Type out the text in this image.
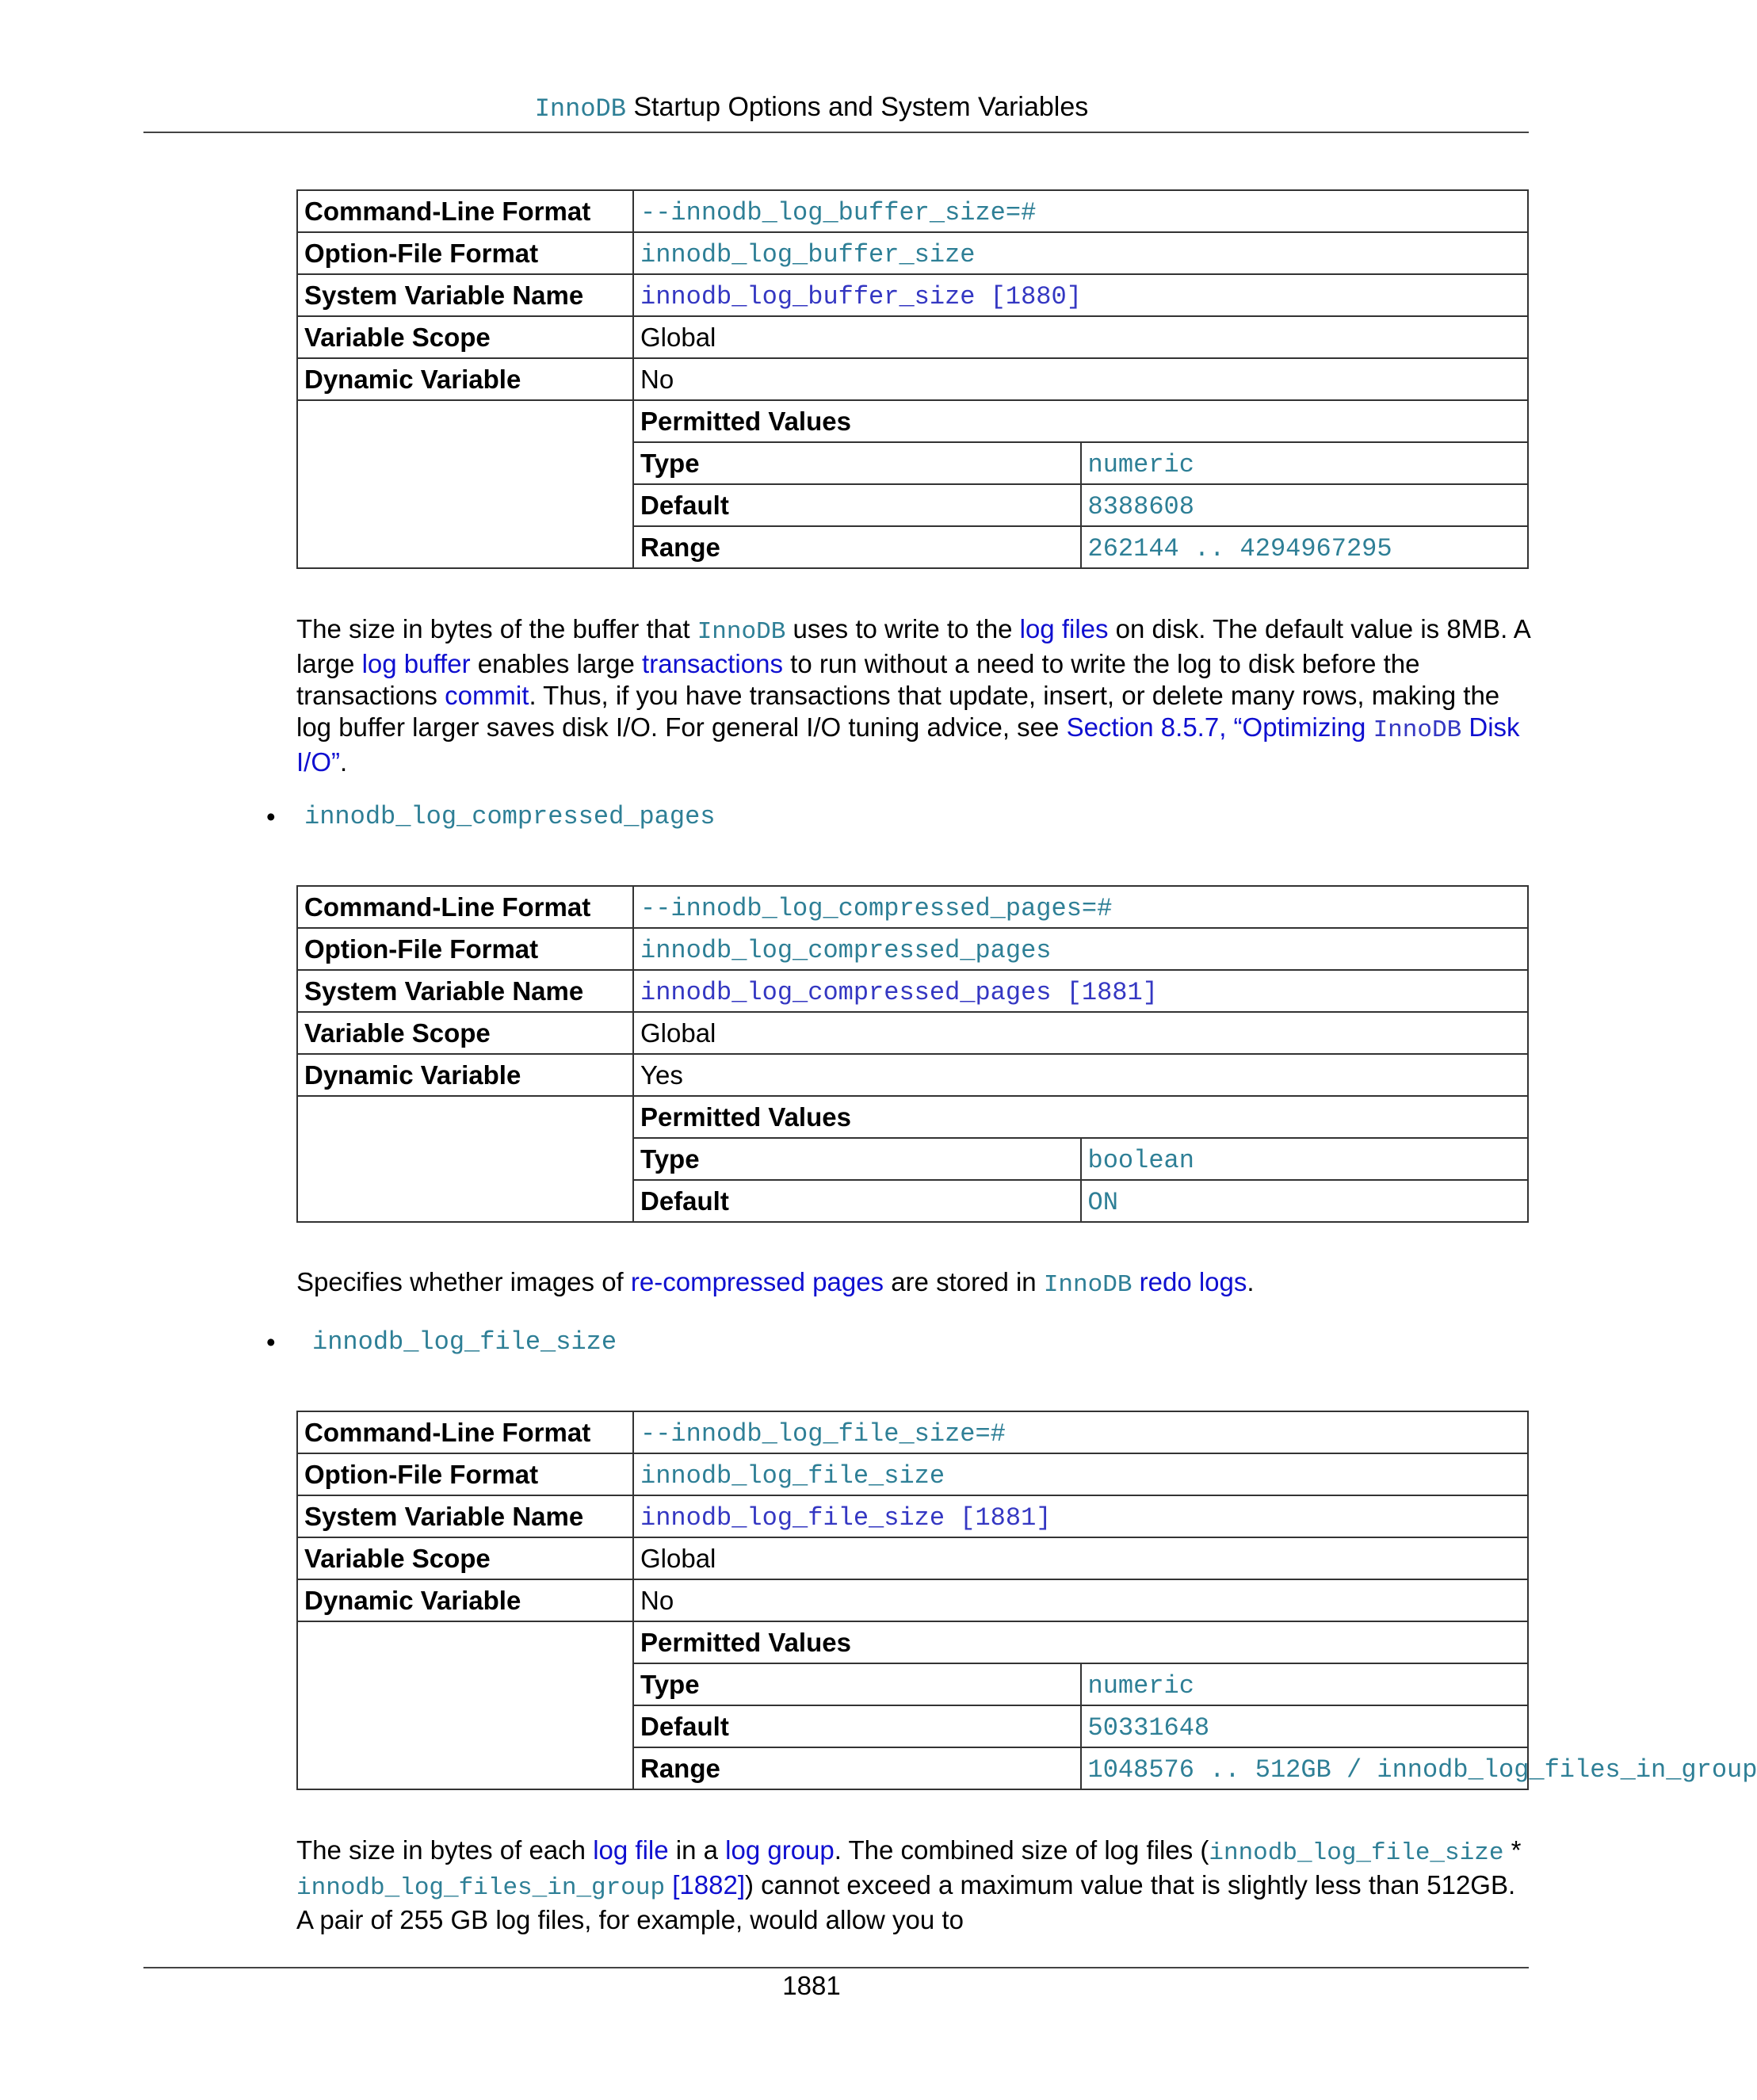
InnoDB Startup Options and System Variables
Command-Line Format	--innodb_log_buffer_size=#	
Option-File Format	innodb_log_buffer_size	
System Variable Name	innodb_log_buffer_size [1880]	
Variable Scope	Global	
Dynamic Variable	No	
	Permitted Values	
	Type	numeric
	Default	8388608
	Range	262144 .. 4294967295
The size in bytes of the buffer that InnoDB uses to write to the log files on disk. The default value is 8MB. A large log buffer enables large transactions to run without a need to write the log to disk before the transactions commit. Thus, if you have transactions that update, insert, or delete many rows, making the log buffer larger saves disk I/O. For general I/O tuning advice, see Section 8.5.7, “Optimizing InnoDB Disk I/O”.
• innodb_log_compressed_pages
Command-Line Format	--innodb_log_compressed_pages=#	
Option-File Format	innodb_log_compressed_pages	
System Variable Name	innodb_log_compressed_pages [1881]	
Variable Scope	Global	
Dynamic Variable	Yes	
	Permitted Values	
	Type	boolean
	Default	ON
Specifies whether images of re-compressed pages are stored in InnoDB redo logs.
• innodb_log_file_size
Command-Line Format	--innodb_log_file_size=#	
Option-File Format	innodb_log_file_size	
System Variable Name	innodb_log_file_size [1881]	
Variable Scope	Global	
Dynamic Variable	No	
	Permitted Values	
	Type	numeric
	Default	50331648
	Range	1048576 .. 512GB / innodb_log_files_in_group
The size in bytes of each log file in a log group. The combined size of log files (innodb_log_file_size * innodb_log_files_in_group [1882]) cannot exceed a maximum value that is slightly less than 512GB. A pair of 255 GB log files, for example, would allow you to
1881
